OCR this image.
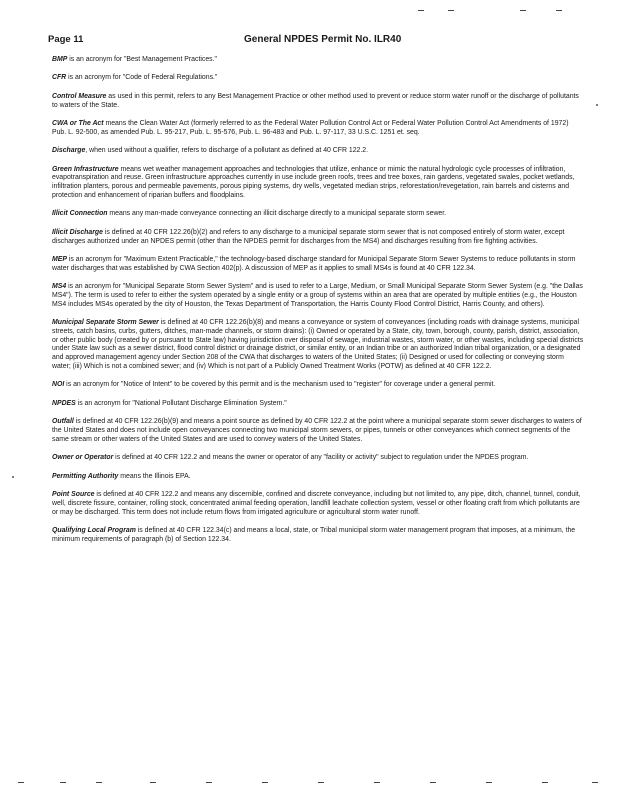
Page 11	General NPDES Permit No. ILR40

BMP is an acronym for "Best Management Practices."

CFR is an acronym for "Code of Federal Regulations."

Control Measure as used in this permit, refers to any Best Management Practice or other method used to prevent or reduce storm water runoff or the discharge of pollutants to waters of the State.

CWA or The Act means the Clean Water Act (formerly referred to as the Federal Water Pollution Control Act or Federal Water Pollution Control Act Amendments of 1972) Pub. L. 92-500, as amended Pub. L. 95-217, Pub. L. 95-576, Pub. L. 96-483 and Pub. L. 97-117, 33 U.S.C. 1251 et. seq.

Discharge, when used without a qualifier, refers to discharge of a pollutant as defined at 40 CFR 122.2.

Green Infrastructure means wet weather management approaches and technologies that utilize, enhance or mimic the natural hydrologic cycle processes of infiltration, evapotranspiration and reuse. Green infrastructure approaches currently in use include green roofs, trees and tree boxes, rain gardens, vegetated swales, pocket wetlands, infiltration planters, porous and permeable pavements, porous piping systems, dry wells, vegetated median strips, reforestation/revegetation, rain barrels and cisterns and protection and enhancement of riparian buffers and floodplains.

Illicit Connection means any man-made conveyance connecting an illicit discharge directly to a municipal separate storm sewer.

Illicit Discharge is defined at 40 CFR 122.26(b)(2) and refers to any discharge to a municipal separate storm sewer that is not composed entirely of storm water, except discharges authorized under an NPDES permit (other than the NPDES permit for discharges from the MS4) and discharges resulting from fire fighting activities.

MEP is an acronym for "Maximum Extent Practicable," the technology-based discharge standard for Municipal Separate Storm Sewer Systems to reduce pollutants in storm water discharges that was established by CWA Section 402(p). A discussion of MEP as it applies to small MS4s is found at 40 CFR 122.34.

MS4 is an acronym for "Municipal Separate Storm Sewer System" and is used to refer to a Large, Medium, or Small Municipal Separate Storm Sewer System (e.g. "the Dallas MS4"). The term is used to refer to either the system operated by a single entity or a group of systems within an area that are operated by multiple entities (e.g., the Houston MS4 includes MS4s operated by the city of Houston, the Texas Department of Transportation, the Harris County Flood Control District, Harris County, and others).

Municipal Separate Storm Sewer is defined at 40 CFR 122.26(b)(8) and means a conveyance or system of conveyances (including roads with drainage systems, municipal streets, catch basins, curbs, gutters, ditches, man-made channels, or storm drains): (i) Owned or operated by a State, city, town, borough, county, parish, district, association, or other public body (created by or pursuant to State law) having jurisdiction over disposal of sewage, industrial wastes, storm water, or other wastes, including special districts under State law such as a sewer district, flood control district or drainage district, or similar entity, or an Indian tribe or an authorized Indian tribal organization, or a designated and approved management agency under Section 208 of the CWA that discharges to waters of the United States; (ii) Designed or used for collecting or conveying storm water; (iii) Which is not a combined sewer; and (iv) Which is not part of a Publicly Owned Treatment Works (POTW) as defined at 40 CFR 122.2.

NOI is an acronym for "Notice of Intent" to be covered by this permit and is the mechanism used to "register" for coverage under a general permit.

NPDES is an acronym for "National Pollutant Discharge Elimination System."

Outfall is defined at 40 CFR 122.26(b)(9) and means a point source as defined by 40 CFR 122.2 at the point where a municipal separate storm sewer discharges to waters of the United States and does not include open conveyances connecting two municipal storm sewers, or pipes, tunnels or other conveyances which connect segments of the same stream or other waters of the United States and are used to convey waters of the United States.

Owner or Operator is defined at 40 CFR 122.2 and means the owner or operator of any "facility or activity" subject to regulation under the NPDES program.

Permitting Authority means the Illinois EPA.

Point Source is defined at 40 CFR 122.2 and means any discernible, confined and discrete conveyance, including but not limited to, any pipe, ditch, channel, tunnel, conduit, well, discrete fissure, container, rolling stock, concentrated animal feeding operation, landfill leachate collection system, vessel or other floating craft from which pollutants are or may be discharged. This term does not include return flows from irrigated agriculture or agricultural storm water runoff.

Qualifying Local Program is defined at 40 CFR 122.34(c) and means a local, state, or Tribal municipal storm water management program that imposes, at a minimum, the minimum requirements of paragraph (b) of Section 122.34.
